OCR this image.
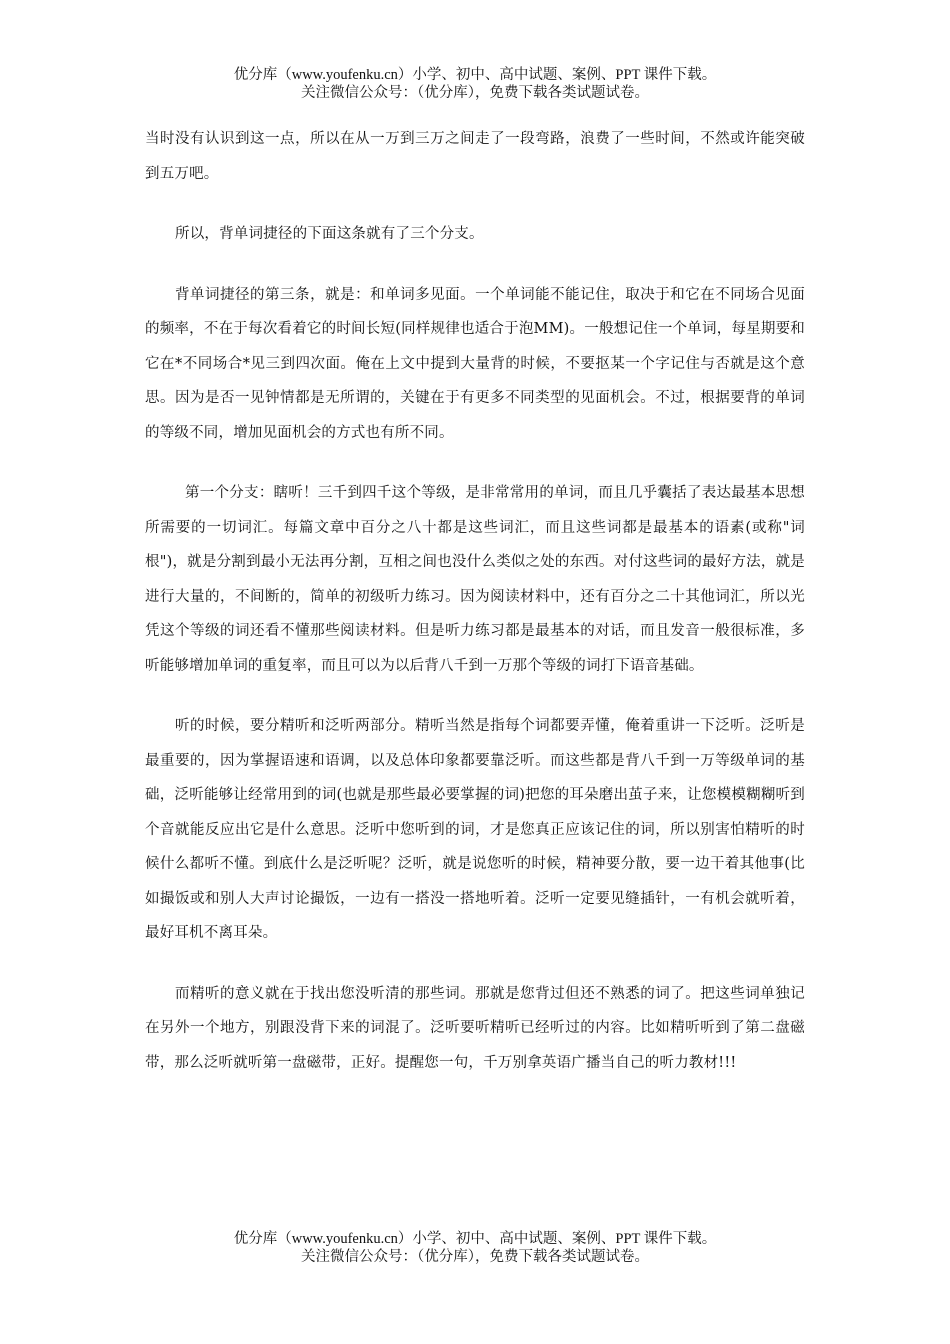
优分库（www.youfenku.cn）小学、初中、高中试题、案例、PPT 课件下载。
关注微信公众号：（优分库），免费下载各类试题试卷。

当时没有认识到这一点，所以在从一万到三万之间走了一段弯路，浪费了一些时间，不然或许能突破到五万吧。

所以，背单词捷径的下面这条就有了三个分支。

背单词捷径的第三条，就是：和单词多见面。一个单词能不能记住，取决于和它在不同场合见面的频率，不在于每次看着它的时间长短(同样规律也适合于泡MM)。一般想记住一个单词，每星期要和它在*不同场合*见三到四次面。俺在上文中提到大量背的时候，不要抠某一个字记住与否就是这个意思。因为是否一见钟情都是无所谓的，关键在于有更多不同类型的见面机会。不过，根据要背的单词的等级不同，增加见面机会的方式也有所不同。

第一个分支：瞎听！三千到四千这个等级，是非常常用的单词，而且几乎囊括了表达最基本思想所需要的一切词汇。每篇文章中百分之八十都是这些词汇，而且这些词都是最基本的语素(或称"词根")，就是分割到最小无法再分割，互相之间也没什么类似之处的东西。对付这些词的最好方法，就是进行大量的，不间断的，简单的初级听力练习。因为阅读材料中，还有百分之二十其他词汇，所以光凭这个等级的词还看不懂那些阅读材料。但是听力练习都是最基本的对话，而且发音一般很标准，多听能够增加单词的重复率，而且可以为以后背八千到一万那个等级的词打下语音基础。

听的时候，要分精听和泛听两部分。精听当然是指每个词都要弄懂，俺着重讲一下泛听。泛听是最重要的，因为掌握语速和语调，以及总体印象都要靠泛听。而这些都是背八千到一万等级单词的基础，泛听能够让经常用到的词(也就是那些最必要掌握的词)把您的耳朵磨出茧子来，让您模模糊糊听到个音就能反应出它是什么意思。泛听中您听到的词，才是您真正应该记住的词，所以别害怕精听的时候什么都听不懂。到底什么是泛听呢？泛听，就是说您听的时候，精神要分散，要一边干着其他事(比如撮饭或和别人大声讨论撮饭，一边有一搭没一搭地听着。泛听一定要见缝插针，一有机会就听着，最好耳机不离耳朵。

而精听的意义就在于找出您没听清的那些词。那就是您背过但还不熟悉的词了。把这些词单独记在另外一个地方，别跟没背下来的词混了。泛听要听精听已经听过的内容。比如精听听到了第二盘磁带，那么泛听就听第一盘磁带，正好。提醒您一句，千万别拿英语广播当自己的听力教材!!!

优分库（www.youfenku.cn）小学、初中、高中试题、案例、PPT 课件下载。
关注微信公众号：（优分库），免费下载各类试题试卷。
